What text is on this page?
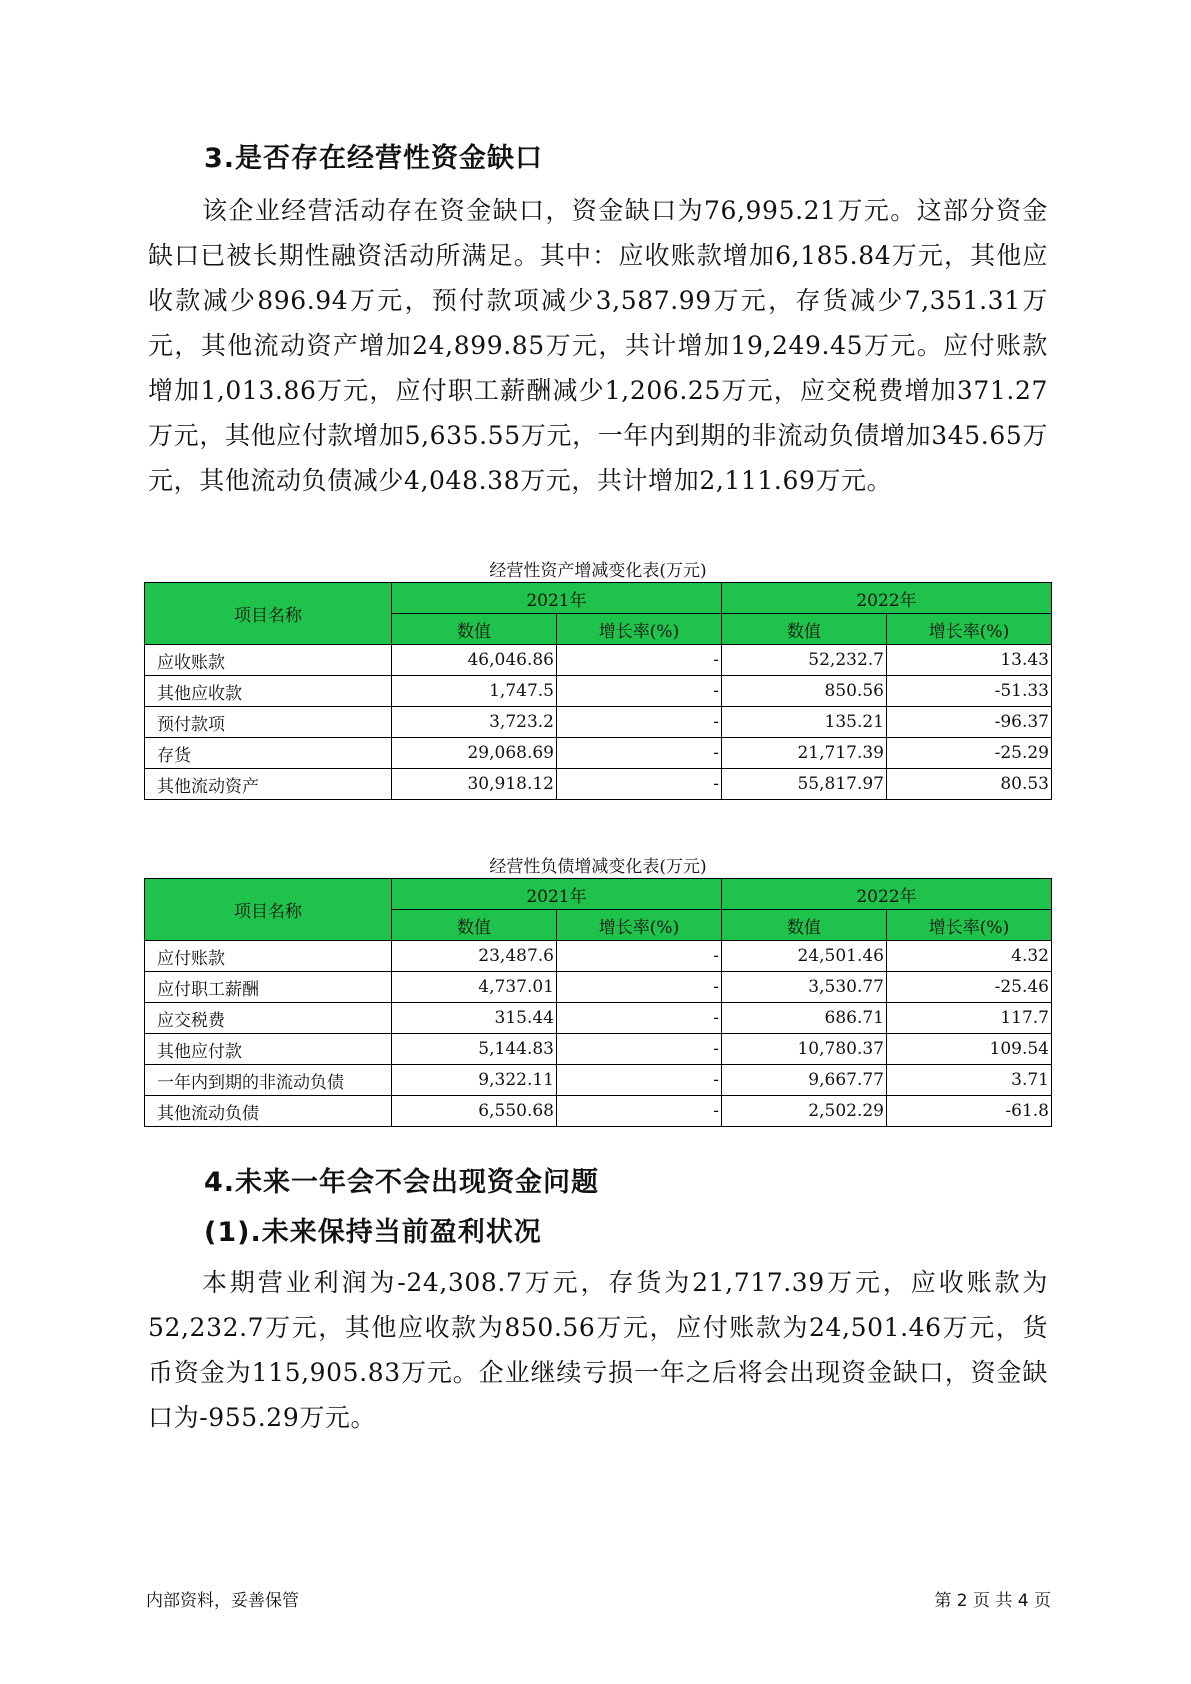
3.是否存在经营性资金缺口

该企业经营活动存在资金缺口，资金缺口为76,995.21万元。这部分资金缺口已被长期性融资活动所满足。其中：应收账款增加6,185.84万元，其他应收款减少896.94万元，预付款项减少3,587.99万元，存货减少7,351.31万元，其他流动资产增加24,899.85万元，共计增加19,249.45万元。应付账款增加1,013.86万元，应付职工薪酬减少1,206.25万元，应交税费增加371.27万元，其他应付款增加5,635.55万元，一年内到期的非流动负债增加345.65万元，其他流动负债减少4,048.38万元，共计增加2,111.69万元。

经营性资产增减变化表(万元)
项目名称	2021年		2022年	
	数值	增长率(%)	数值	增长率(%)
应收账款	46,046.86	-	52,232.7	13.43
其他应收款	1,747.5	-	850.56	-51.33
预付款项	3,723.2	-	135.21	-96.37
存货	29,068.69	-	21,717.39	-25.29
其他流动资产	30,918.12	-	55,817.97	80.53
经营性负债增减变化表(万元)
项目名称	2021年		2022年	
	数值	增长率(%)	数值	增长率(%)
应付账款	23,487.6	-	24,501.46	4.32
应付职工薪酬	4,737.01	-	3,530.77	-25.46
应交税费	315.44	-	686.71	117.7
其他应付款	5,144.83	-	10,780.37	109.54
一年内到期的非流动负债	9,322.11	-	9,667.77	3.71
其他流动负债	6,550.68	-	2,502.29	-61.8
4.未来一年会不会出现资金问题
(1).未来保持当前盈利状况

本期营业利润为-24,308.7万元，存货为21,717.39万元，应收账款为52,232.7万元，其他应收款为850.56万元，应付账款为24,501.46万元，货币资金为115,905.83万元。企业继续亏损一年之后将会出现资金缺口，资金缺口为-955.29万元。

内部资料，妥善保管	第 2 页 共 4 页
